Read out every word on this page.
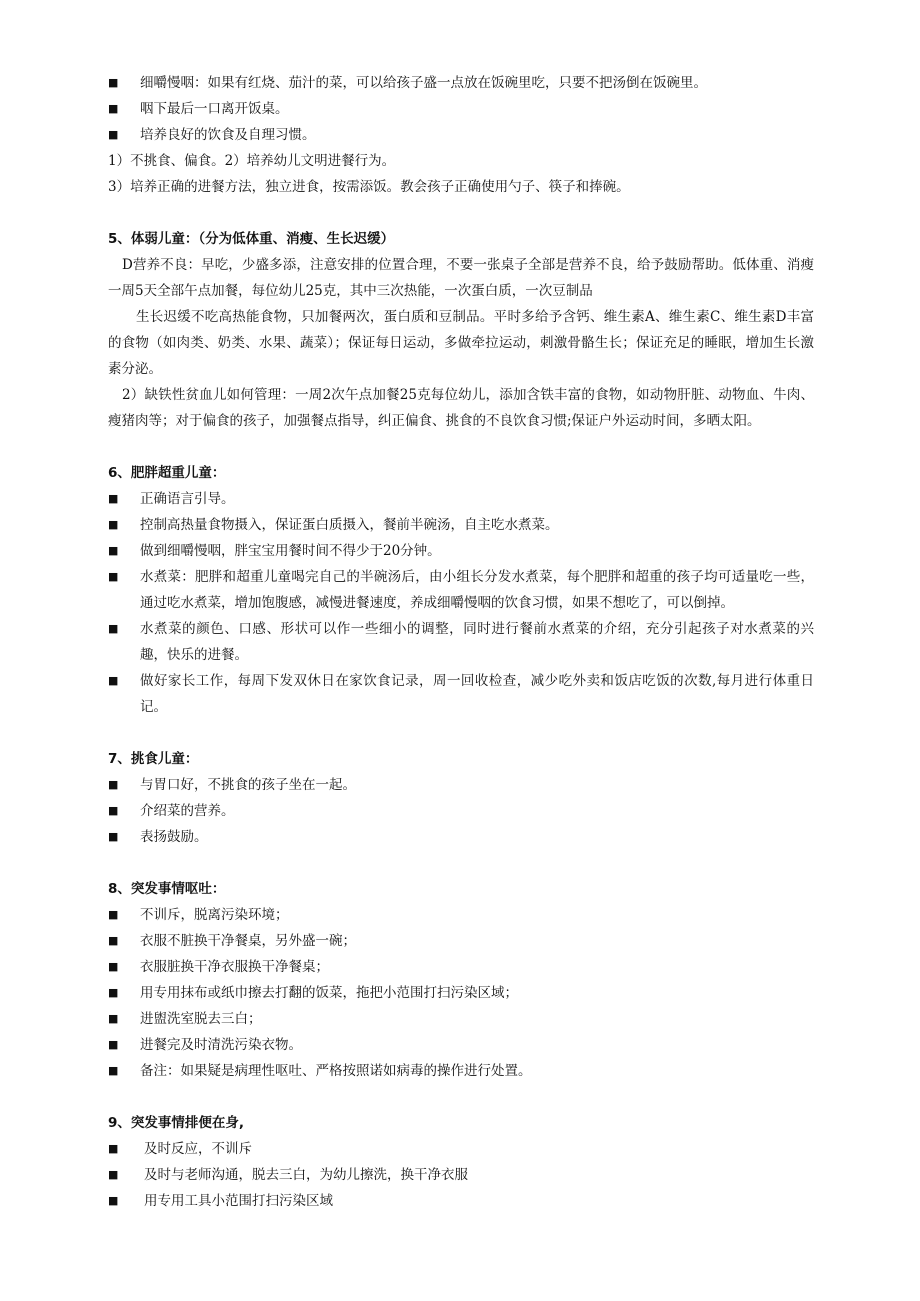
■	细嚼慢咽：如果有红烧、茄汁的菜，可以给孩子盛一点放在饭碗里吃，只要不把汤倒在饭碗里。
■	咽下最后一口离开饭桌。
■	培养良好的饮食及自理习惯。

1）不挑食、偏食。2）培养幼儿文明进餐行为。

3）培养正确的进餐方法，独立进食，按需添饭。教会孩子正确使用勺子、筷子和捧碗。

5、体弱儿童：（分为低体重、消瘦、生长迟缓）

D营养不良：早吃，少盛多添，注意安排的位置合理，不要一张桌子全部是营养不良，给予鼓励帮助。低体重、消瘦一周5天全部午点加餐，每位幼儿25克，其中三次热能，一次蛋白质，一次豆制品

生长迟缓不吃高热能食物，只加餐两次，蛋白质和豆制品。平时多给予含钙、维生素A、维生素C、维生素D丰富的食物（如肉类、奶类、水果、蔬菜）；保证每日运动，多做牵拉运动，刺激骨骼生长；保证充足的睡眠，增加生长激素分泌。

2）缺铁性贫血儿如何管理：一周2次午点加餐25克每位幼儿，添加含铁丰富的食物，如动物肝脏、动物血、牛肉、瘦猪肉等；对于偏食的孩子，加强餐点指导，纠正偏食、挑食的不良饮食习惯;保证户外运动时间，多晒太阳。

6、肥胖超重儿童：
■	正确语言引导。
■	控制高热量食物摄入，保证蛋白质摄入，餐前半碗汤，自主吃水煮菜。
■	做到细嚼慢咽，胖宝宝用餐时间不得少于20分钟。
■	水煮菜：肥胖和超重儿童喝完自己的半碗汤后，由小组长分发水煮菜，每个肥胖和超重的孩子均可适量吃一些，通过吃水煮菜，增加饱腹感，减慢进餐速度，养成细嚼慢咽的饮食习惯，如果不想吃了，可以倒掉。
■	水煮菜的颜色、口感、形状可以作一些细小的调整，同时进行餐前水煮菜的介绍，充分引起孩子对水煮菜的兴趣，快乐的进餐。
■	做好家长工作，每周下发双休日在家饮食记录，周一回收检查，减少吃外卖和饭店吃饭的次数,每月进行体重日记。
7、挑食儿童：
■	与胃口好，不挑食的孩子坐在一起。
■	介绍菜的营养。
■	表扬鼓励。
8、突发事情呕吐：
■	不训斥，脱离污染环境；
■	衣服不脏换干净餐桌，另外盛一碗；
■	衣服脏换干净衣服换干净餐桌；
■	用专用抹布或纸巾擦去打翻的饭菜，拖把小范围打扫污染区域；
■	进盥洗室脱去三白；
■	进餐完及时清洗污染衣物。
■	备注：如果疑是病理性呕吐、严格按照诺如病毒的操作进行处置。
9、突发事情排便在身,
■	及时反应，不训斥
■	及时与老师沟通，脱去三白，为幼儿擦洗，换干净衣服
■	用专用工具小范围打扫污染区域
